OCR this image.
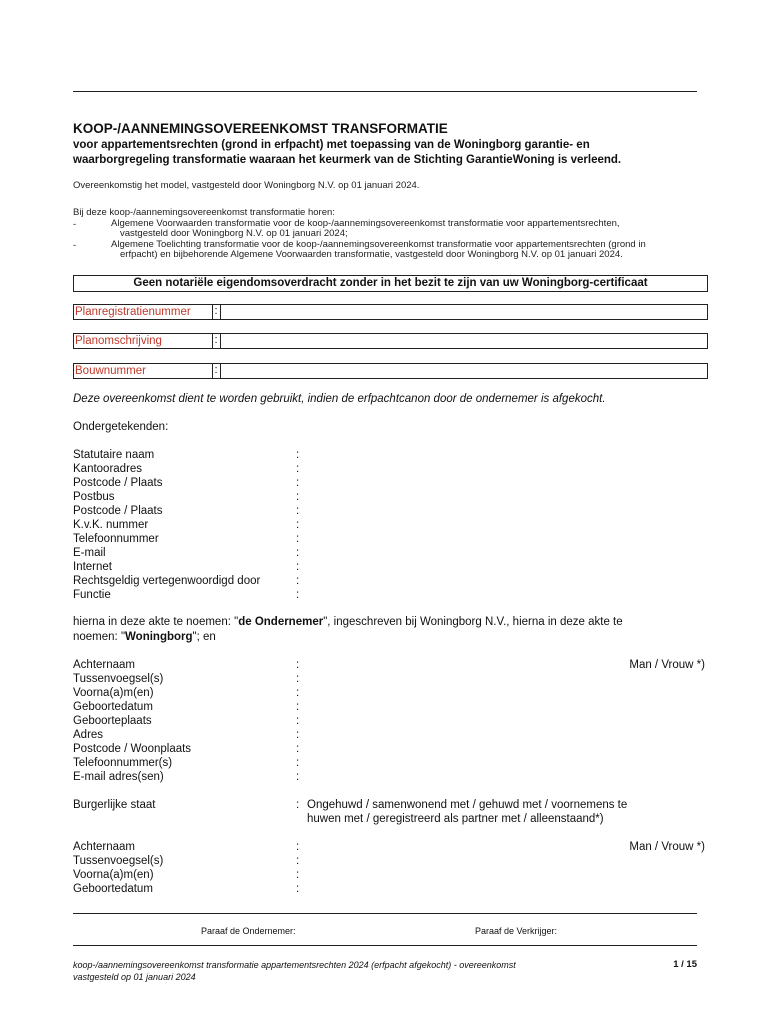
KOOP-/AANNEMINGSOVEREENKOMST TRANSFORMATIE
voor appartementsrechten (grond in erfpacht) met toepassing van de Woningborg garantie- en
waarborgregeling transformatie waaraan het keurmerk van de Stichting GarantieWoning is verleend.
Overeenkomstig het model, vastgesteld door Woningborg N.V. op 01 januari 2024.
Bij deze koop-/aannemingsovereenkomst transformatie horen:
-	Algemene Voorwaarden transformatie voor de koop-/aannemingsovereenkomst transformatie voor appartementsrechten,
vastgesteld door Woningborg N.V. op 01 januari 2024;
-	Algemene Toelichting transformatie voor de koop-/aannemingsovereenkomst transformatie voor appartementsrechten (grond in
erfpacht) en bijbehorende Algemene Voorwaarden transformatie, vastgesteld door Woningborg N.V. op 01 januari 2024.
Geen notariële eigendomsoverdracht zonder in het bezit te zijn van uw Woningborg-certificaat
Planregistratienummer	:
Planomschrijving	:
Bouwnummer	:
Deze overeenkomst dient te worden gebruikt, indien de erfpachtcanon door de ondernemer is afgekocht.
Ondergetekenden:
Statutaire naam	:
Kantooradres	:
Postcode / Plaats	:
Postbus	:
Postcode / Plaats	:
K.v.K. nummer	:
Telefoonnummer	:
E-mail	:
Internet	:
Rechtsgeldig vertegenwoordigd door	:
Functie	:
hierna in deze akte te noemen: "de Ondernemer", ingeschreven bij Woningborg N.V., hierna in deze akte te
noemen: "Woningborg"; en
Achternaam	:	Man / Vrouw *)
Tussenvoegsel(s)	:
Voorna(a)m(en)	:
Geboortedatum	:
Geboorteplaats	:
Adres	:
Postcode / Woonplaats	:
Telefoonnummer(s)	:
E-mail adres(sen)	:
Burgerlijke staat	: Ongehuwd / samenwonend met / gehuwd met / voornemens te
huwen met / geregistreerd als partner met / alleenstaand*)
Achternaam	:	Man / Vrouw *)
Tussenvoegsel(s)	:
Voorna(a)m(en)	:
Geboortedatum	:
Paraaf de Ondernemer:	Paraaf de Verkrijger:
koop-/aannemingsovereenkomst transformatie appartementsrechten 2024 (erfpacht afgekocht) - overeenkomst
vastgesteld op 01 januari 2024
1 / 15
